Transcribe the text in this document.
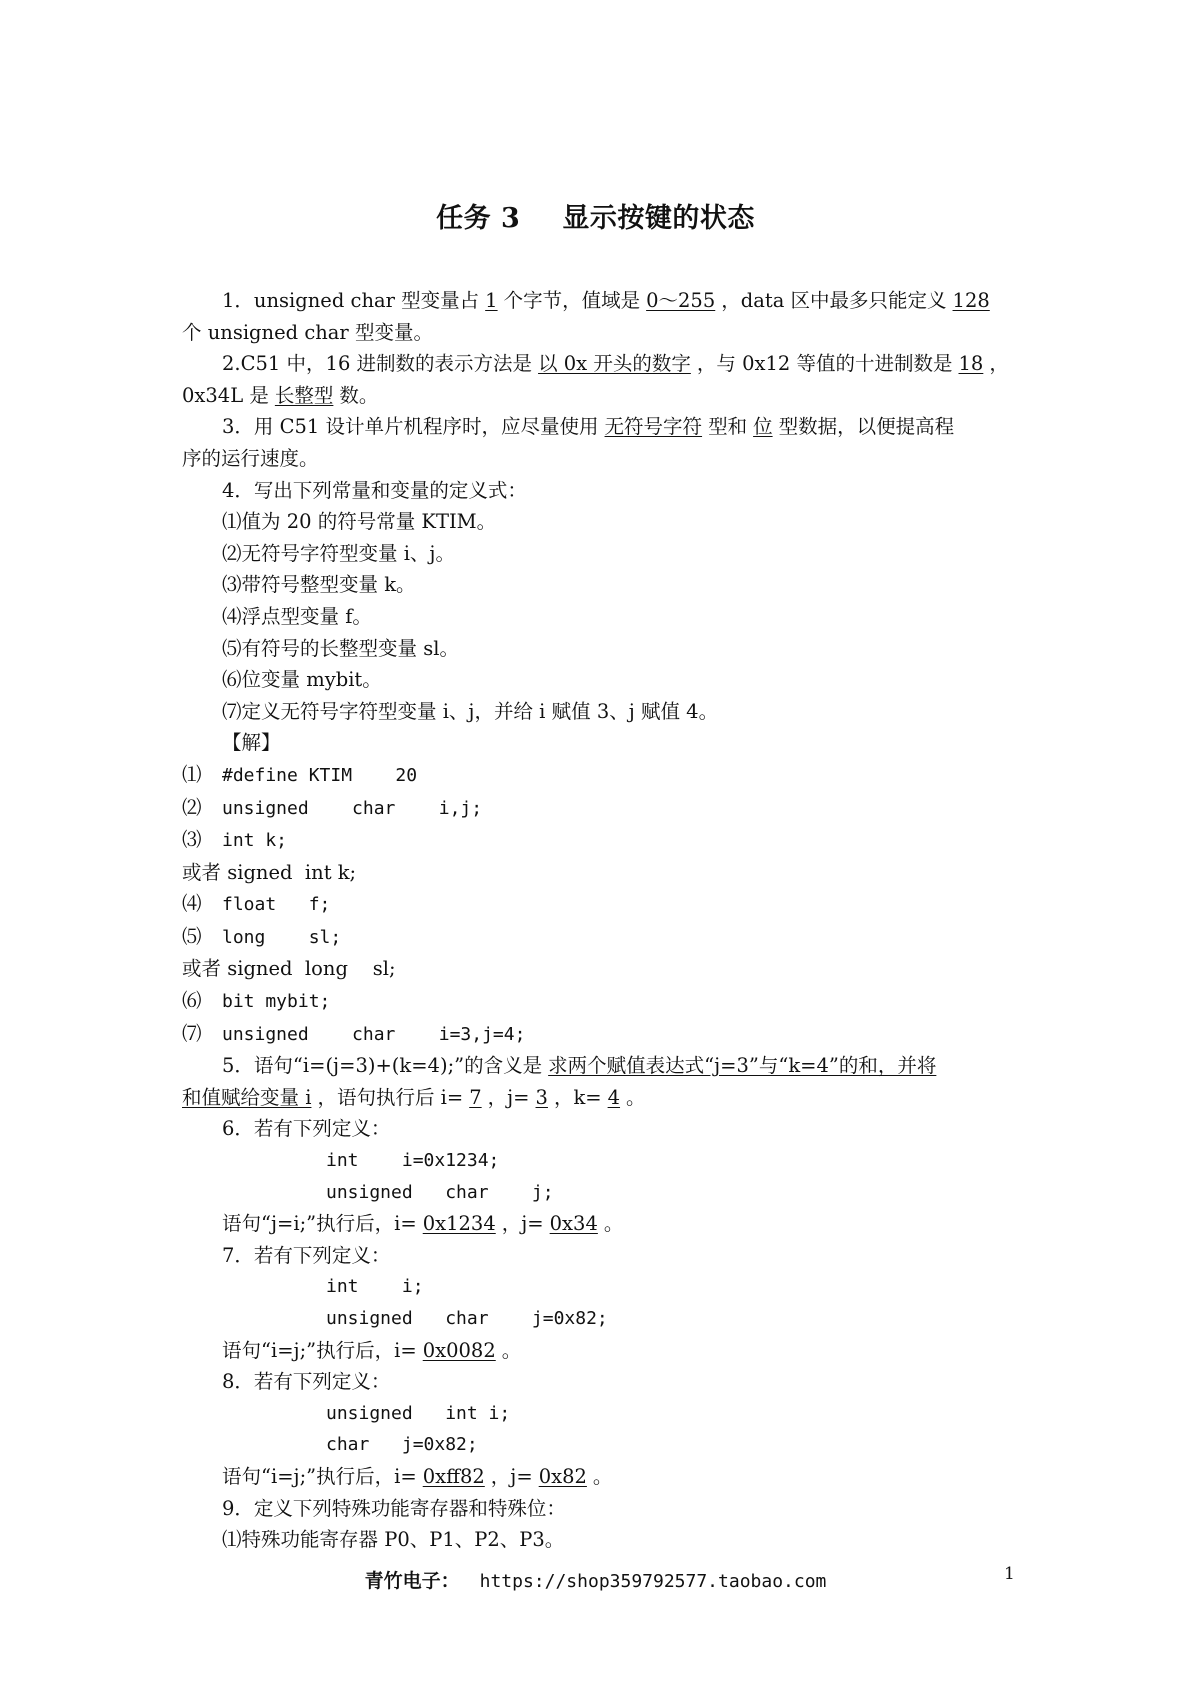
任务 3 显示按键的状态
1．unsigned char 型变量占 1 个字节，值域是 0～255 ，data 区中最多只能定义 128
个 unsigned char 型变量。
2.C51 中，16 进制数的表示方法是 以 0x 开头的数字 ，与 0x12 等值的十进制数是 18 ，
0x34L 是 长整型 数。
3．用 C51 设计单片机程序时，应尽量使用 无符号字符 型和 位 型数据，以便提高程
序的运行速度。
4．写出下列常量和变量的定义式：
⑴值为 20 的符号常量 KTIM。
⑵无符号字符型变量 i、j。
⑶带符号整型变量 k。
⑷浮点型变量 f。
⑸有符号的长整型变量 sl。
⑹位变量 mybit。
⑺定义无符号字符型变量 i、j，并给 i 赋值 3、j 赋值 4。
【解】
⑴ #define KTIM    20
⑵ unsigned    char    i,j;
⑶ int k;
或者 signed  int k;
⑷ float   f;
⑸ long    sl;
或者 signed  long    sl;
⑹ bit mybit;
⑺ unsigned    char    i=3,j=4;
5．语句“i=(j=3)+(k=4);”的含义是 求两个赋值表达式“j=3”与“k=4”的和，并将
和值赋给变量 i ，语句执行后 i= 7 ，j= 3 ，k= 4 。
6．若有下列定义：
int    i=0x1234;
unsigned   char    j;
语句“j=i;”执行后，i= 0x1234 ，j= 0x34 。
7．若有下列定义：
int    i;
unsigned   char    j=0x82;
语句“i=j;”执行后，i= 0x0082 。
8．若有下列定义：
unsigned   int i;
char   j=0x82;
语句“i=j;”执行后，i= 0xff82 ，j= 0x82 。
9．定义下列特殊功能寄存器和特殊位：
⑴特殊功能寄存器 P0、P1、P2、P3。
青竹电子： https://shop359792577.taobao.com	1
